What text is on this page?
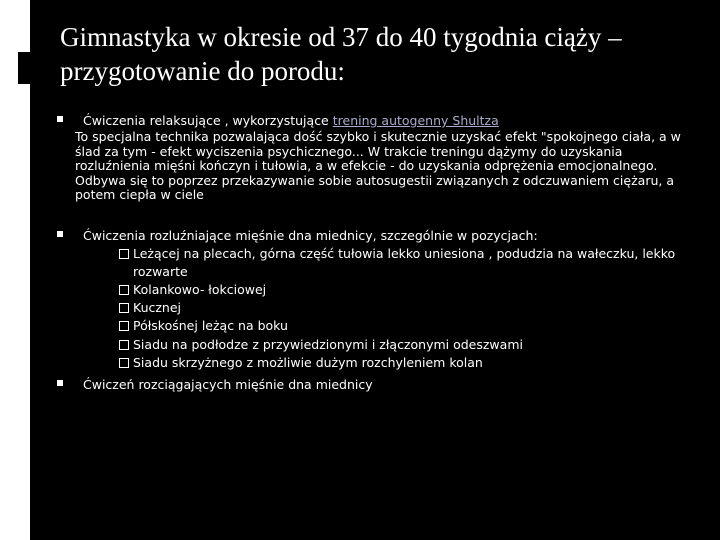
Gimnastyka w okresie od 37 do 40 tygodnia ciąży – przygotowanie do porodu:
Ćwiczenia relaksujące , wykorzystujące trening autogenny Shultza
To specjalna technika pozwalająca dość szybko i skutecznie uzyskać efekt "spokojnego ciała, a w ślad za tym - efekt wyciszenia psychicznego... W trakcie treningu dążymy do uzyskania rozluźnienia mięśni kończyn i tułowia, a w efekcie - do uzyskania odprężenia emocjonalnego. Odbywa się to poprzez przekazywanie sobie autosugestii związanych z odczuwaniem ciężaru, a potem ciepła w ciele
Ćwiczenia rozluźniające mięśnie dna miednicy, szczególnie w pozycjach:
Leżącej na plecach, górna część tułowia lekko uniesiona , podudzia na wałeczku, lekko rozwarte
Kolankowo- łokciowej
Kucznej
Półskośnej leżąc na boku
Siadu na podłodze z przywiedzionymi i złączonymi odeszwami
Siadu skrzyżnego z możliwie dużym rozchyleniem kolan
Ćwiczeń rozciągających mięśnie dna miednicy
